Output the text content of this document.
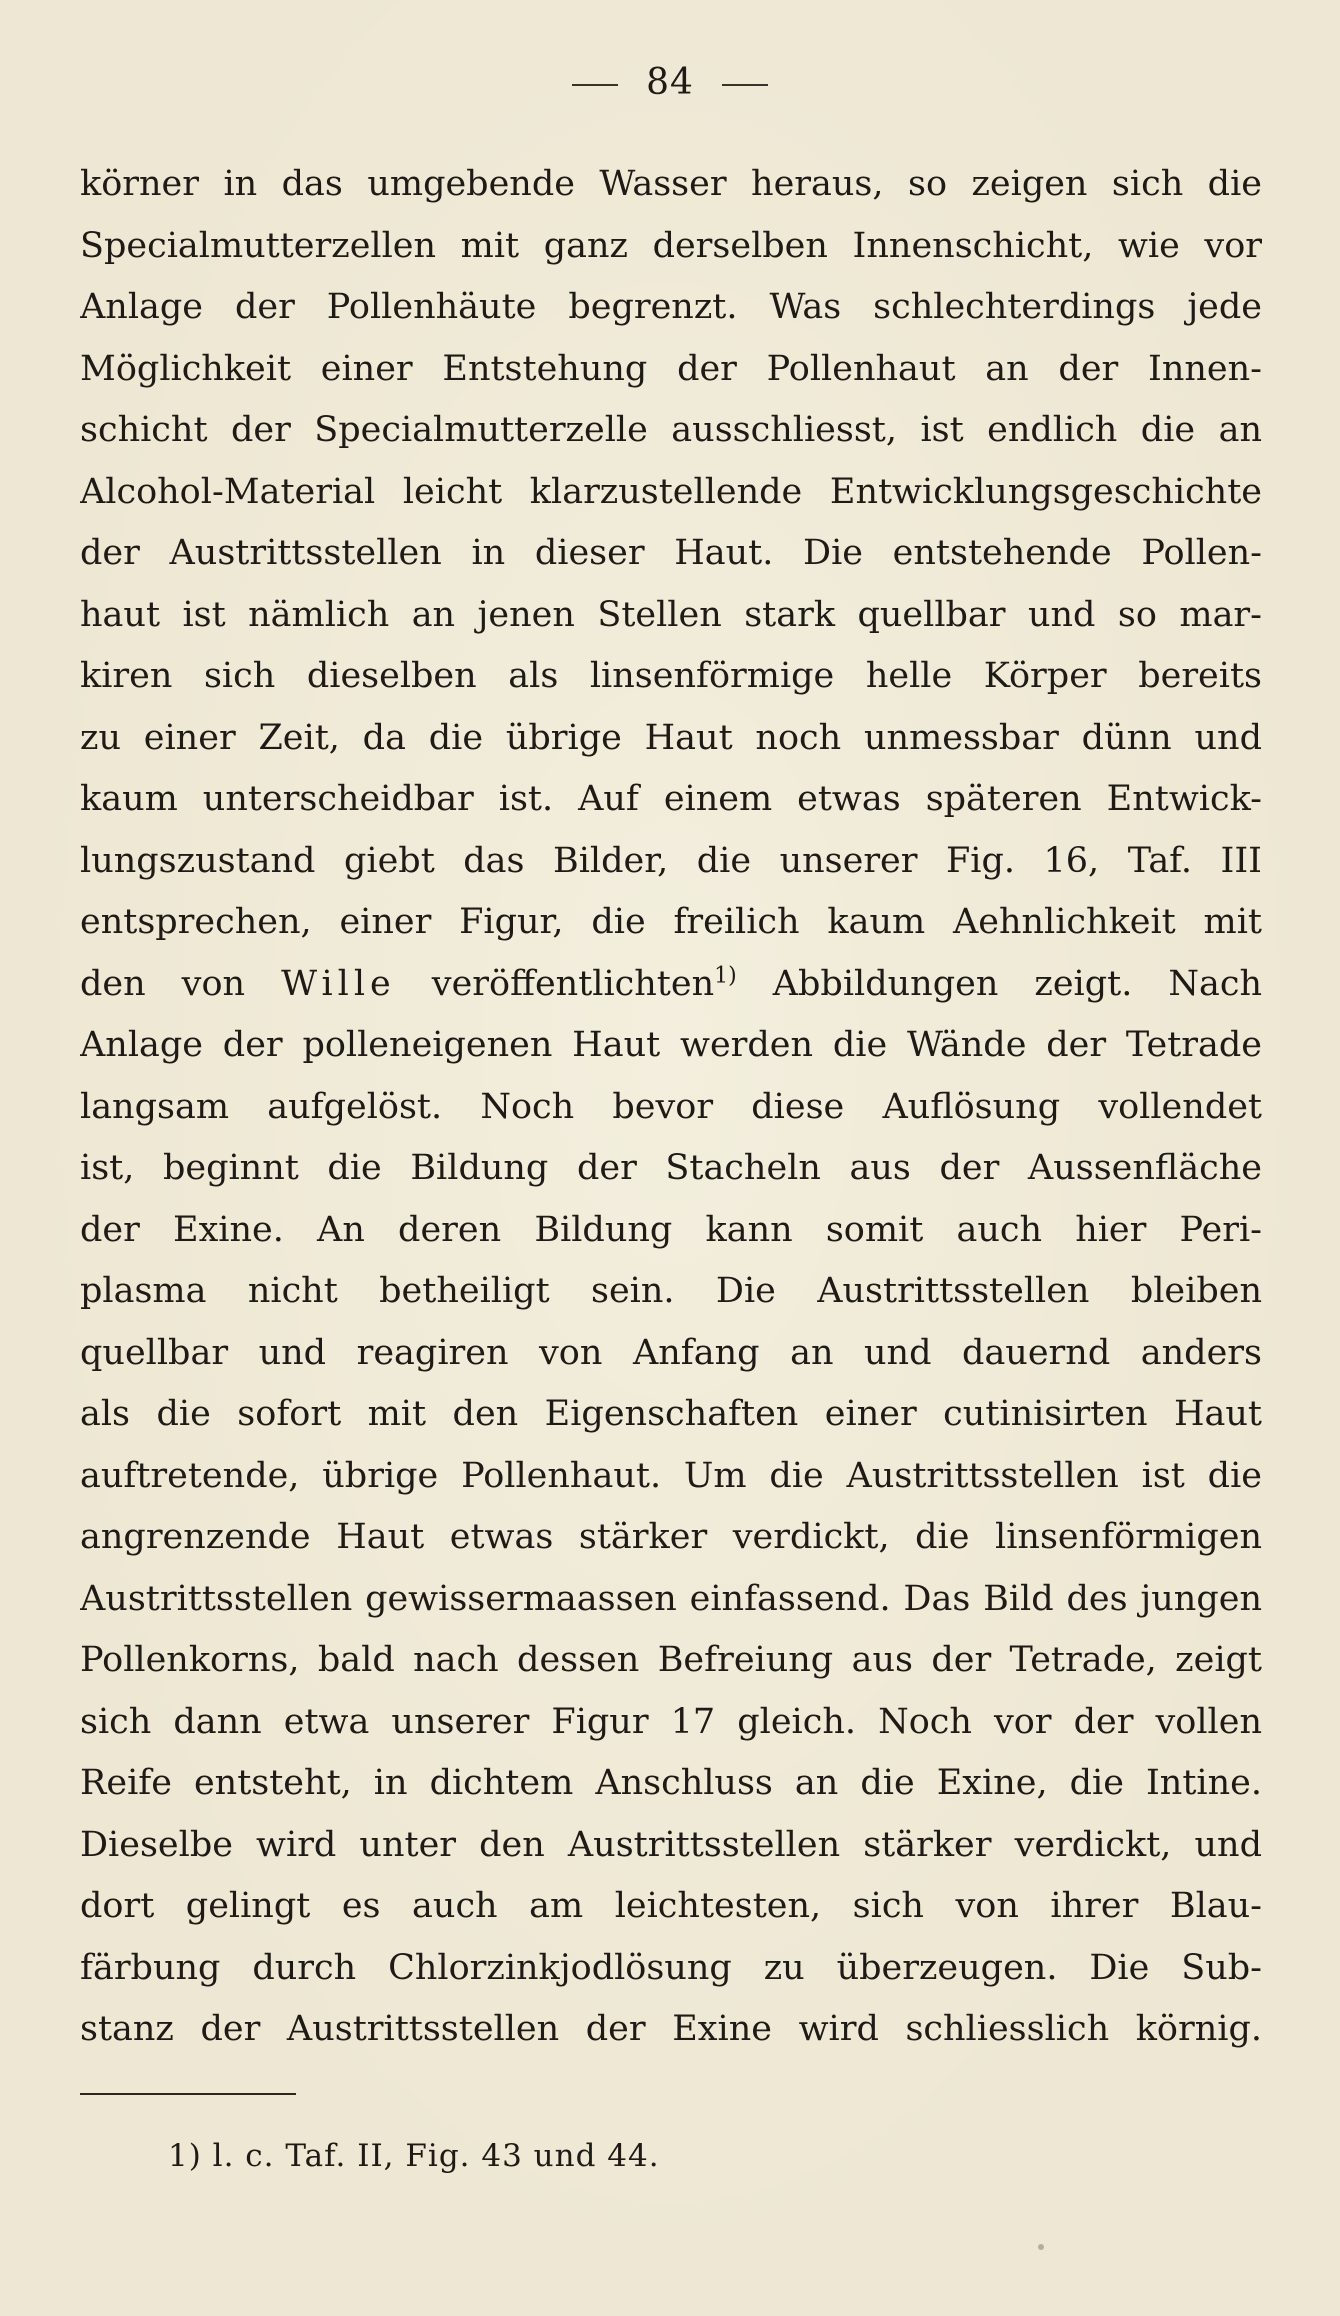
84
körner in das umgebende Wasser heraus, so zeigen sich die
Specialmutterzellen mit ganz derselben Innenschicht, wie vor
Anlage der Pollenhäute begrenzt. Was schlechterdings jede
Möglichkeit einer Entstehung der Pollenhaut an der Innen-
schicht der Specialmutterzelle ausschliesst, ist endlich die an
Alcohol-Material leicht klarzustellende Entwicklungsgeschichte
der Austrittsstellen in dieser Haut. Die entstehende Pollen-
haut ist nämlich an jenen Stellen stark quellbar und so mar-
kiren sich dieselben als linsenförmige helle Körper bereits
zu einer Zeit, da die übrige Haut noch unmessbar dünn und
kaum unterscheidbar ist. Auf einem etwas späteren Entwick-
lungszustand giebt das Bilder, die unserer Fig. 16, Taf. III
entsprechen, einer Figur, die freilich kaum Aehnlichkeit mit
den von Wille veröffentlichten$^{1)}$ Abbildungen zeigt. Nach
Anlage der polleneigenen Haut werden die Wände der Tetrade
langsam aufgelöst. Noch bevor diese Auflösung vollendet
ist, beginnt die Bildung der Stacheln aus der Aussenfläche
der Exine. An deren Bildung kann somit auch hier Peri-
plasma nicht betheiligt sein. Die Austrittsstellen bleiben
quellbar und reagiren von Anfang an und dauernd anders
als die sofort mit den Eigenschaften einer cutinisirten Haut
auftretende, übrige Pollenhaut. Um die Austrittsstellen ist die
angrenzende Haut etwas stärker verdickt, die linsenförmigen
Austrittsstellen gewissermaassen einfassend. Das Bild des jungen
Pollenkorns, bald nach dessen Befreiung aus der Tetrade, zeigt
sich dann etwa unserer Figur 17 gleich. Noch vor der vollen
Reife entsteht, in dichtem Anschluss an die Exine, die Intine.
Dieselbe wird unter den Austrittsstellen stärker verdickt, und
dort gelingt es auch am leichtesten, sich von ihrer Blau-
färbung durch Chlorzinkjodlösung zu überzeugen. Die Sub-
stanz der Austrittsstellen der Exine wird schliesslich körnig.
1) l. c. Taf. II, Fig. 43 und 44.
